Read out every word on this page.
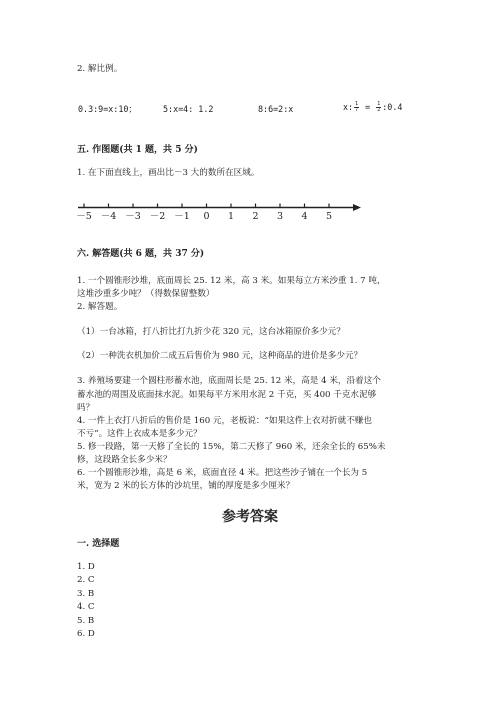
2. 解比例。
0.3:9=x:10；	5:x=4: 1.2	8:6=2:x	x: $\frac{1}{7} = \frac{1}{2}$ :0.4
五. 作图题(共 1 题，共 5 分)
1. 在下面直线上，画出比－3 大的数所在区域。
－5 －4 －3 －2 －1	0	1	2	3	4	5
六. 解答题(共 6 题，共 37 分)
1. 一个圆锥形沙堆，底面周长 25. 12 米，高 3 米。如果每立方米沙重 1. 7 吨，
这堆沙重多少吨？（得数保留整数）
2. 解答题。
（1）一台冰箱，打八折比打九折少花 320 元，这台冰箱原价多少元？
（2）一种洗衣机加价二成五后售价为 980 元，这种商品的进价是多少元？
3. 养殖场要建一个圆柱形蓄水池，底面周长是 25. 12 米，高是 4 米，沿着这个
蓄水池的周围及底面抹水泥。如果每平方米用水泥 2 千克，买 400 千克水泥够
吗？
4. 一件上衣打八折后的售价是 160 元，老板说：“如果这件上衣对折就不赚也
不亏”。这件上衣成本是多少元？
5. 修一段路，第一天修了全长的 15%，第二天修了 960 米，还余全长的 65%未
修，这段路全长多少米？
6. 一个圆锥形沙堆，高是 6 米，底面直径 4 米。把这些沙子铺在一个长为 5
米，宽为 2 米的长方体的沙坑里，铺的厚度是多少厘米？
参考答案
一. 选择题
1. D
2. C
3. B
4. C
5. B
6. D
